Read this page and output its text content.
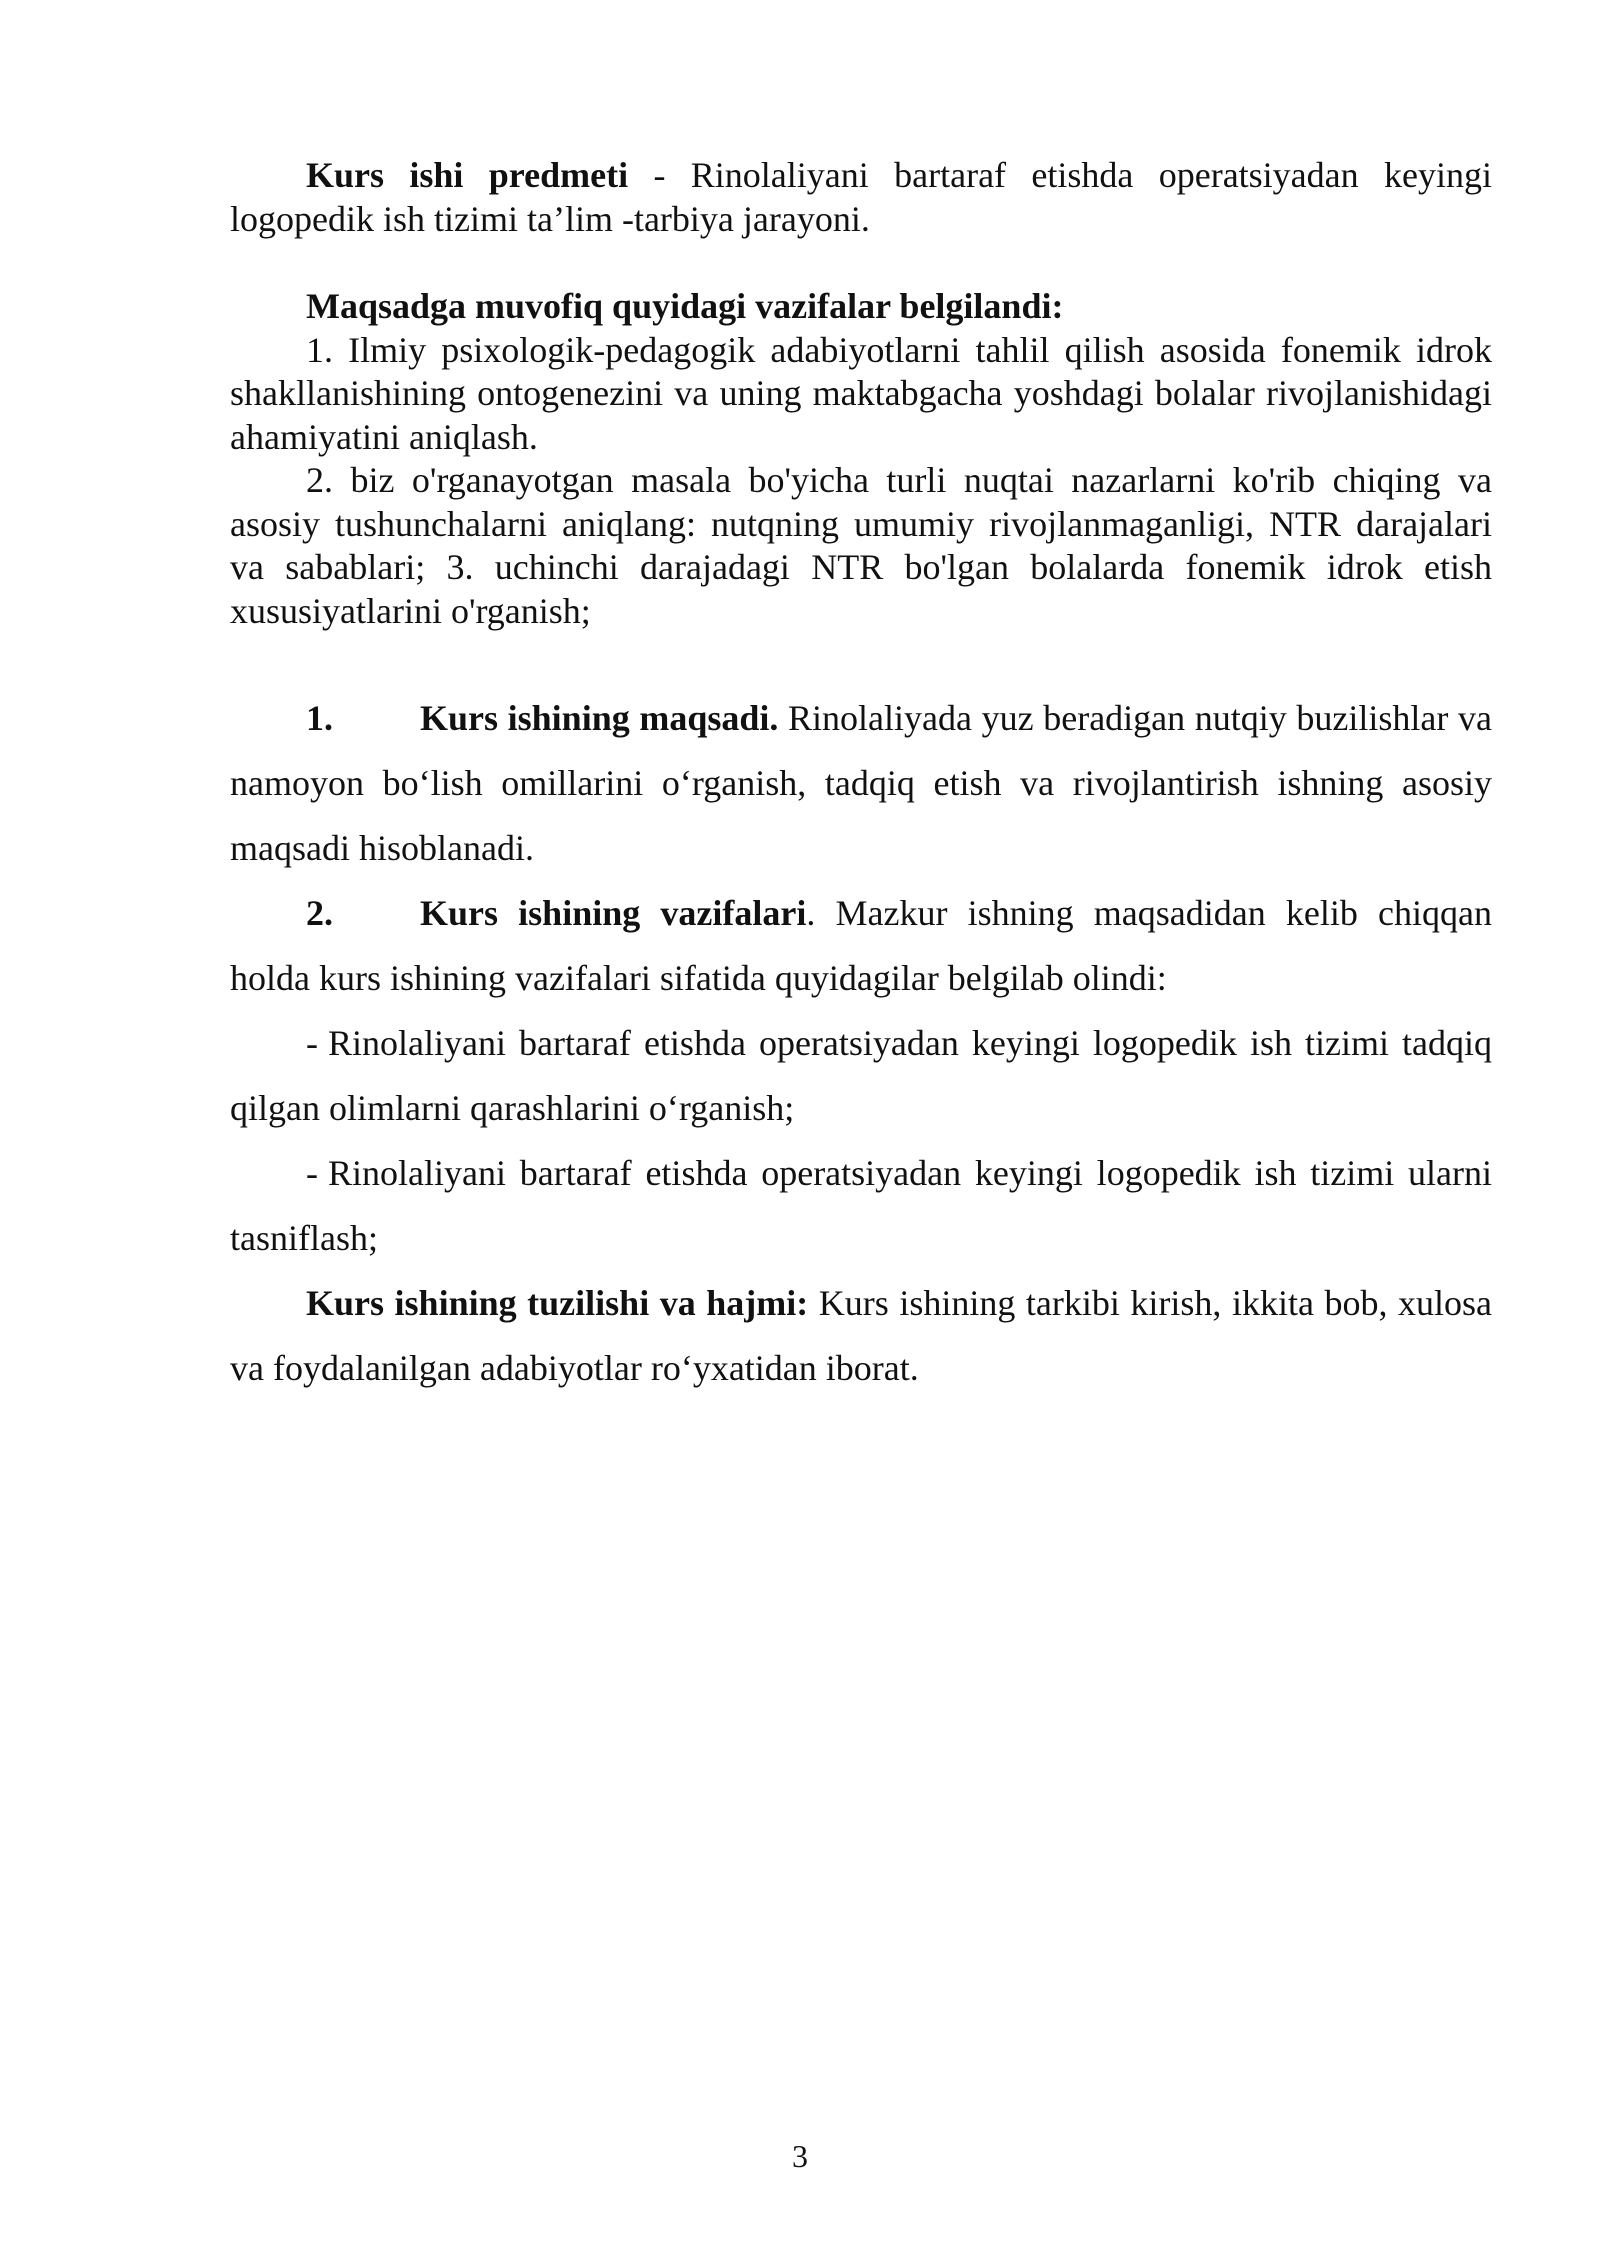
Kurs ishi predmeti - Rinolaliyani bartaraf etishda operatsiyadan keyingi logopedik ish tizimi ta’lim -tarbiya jarayoni.

Maqsadga muvofiq quyidagi vazifalar belgilandi:

1. Ilmiy psixologik-pedagogik adabiyotlarni tahlil qilish asosida fonemik idrok shakllanishining ontogenezini va uning maktabgacha yoshdagi bolalar rivojlanishidagi ahamiyatini aniqlash.

2. biz o'rganayotgan masala bo'yicha turli nuqtai nazarlarni ko'rib chiqing va asosiy tushunchalarni aniqlang: nutqning umumiy rivojlanmaganligi, NTR darajalari va sabablari; 3. uchinchi darajadagi NTR bo'lgan bolalarda fonemik idrok etish xususiyatlarini o'rganish;

1. Kurs ishining maqsadi. Rinolaliyada yuz beradigan nutqiy buzilishlar va namoyon bo‘lish omillarini o‘rganish, tadqiq etish va rivojlantirish ishning asosiy maqsadi hisoblanadi.

2. Kurs ishining vazifalari. Mazkur ishning maqsadidan kelib chiqqan holda kurs ishining vazifalari sifatida quyidagilar belgilab olindi:

- Rinolaliyani bartaraf etishda operatsiyadan keyingi logopedik ish tizimi tadqiq qilgan olimlarni qarashlarini o‘rganish;

- Rinolaliyani bartaraf etishda operatsiyadan keyingi logopedik ish tizimi ularni tasniflash;

Kurs ishining tuzilishi va hajmi: Kurs ishining tarkibi kirish, ikkita bob, xulosa va foydalanilgan adabiyotlar ro‘yxatidan iborat.

3
